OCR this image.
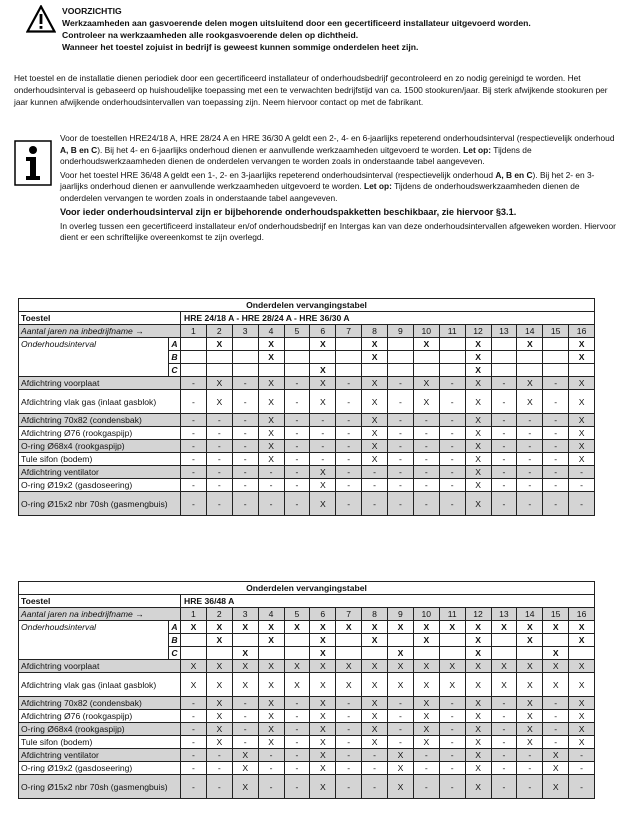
VOORZICHTIG
Werkzaamheden aan gasvoerende delen mogen uitsluitend door een gecertificeerd installateur uitgevoerd worden.
Controleer na werkzaamheden alle rookgasvoerende delen op dichtheid.
Wanneer het toestel zojuist in bedrijf is geweest kunnen sommige onderdelen heet zijn.
Het toestel en de installatie dienen periodiek door een gecertificeerd installateur of onderhoudsbedrijf gecontroleerd en zo nodig gereinigd te worden. Het onderhoudsinterval is gebaseerd op huishoudelijke toepassing met een te verwachten bedrijfstijd van ca. 1500 stookuren/jaar. Bij sterk afwijkende stookuren per jaar kunnen afwijkende onderhoudsintervallen van toepassing zijn. Neem hiervoor contact op met de fabrikant.

Voor de toestellen HRE24/18 A, HRE 28/24 A en HRE 36/30 A geldt een 2-, 4- en 6-jaarlijks repeterend onderhoudsinterval (respectievelijk onderhoud A, B en C). Bij het 4- en 6-jaarlijks onderhoud dienen er aanvullende werkzaamheden uitgevoerd te worden. Let op: Tijdens de onderhoudswerkzaamheden dienen de onderdelen vervangen te worden zoals in onderstaande tabel aangeveven.

Voor het toestel HRE 36/48 A geldt een 1-, 2- en 3-jaarlijks repeterend onderhoudsinterval (respectievelijk onderhoud A, B en C). Bij het 2- en 3-jaarlijks onderhoud dienen er aanvullende werkzaamheden uitgevoerd te worden. Let op: Tijdens de onderhoudswerkzaamheden dienen de onderdelen vervangen te worden zoals in onderstaande tabel aangeveven.

Voor ieder onderhoudsinterval zijn er bijbehorende onderhoudspakketten beschikbaar, zie hiervoor §3.1.

In overleg tussen een gecertificeerd installateur en/of onderhoudsbedrijf en Intergas kan van deze onderhoudsintervallen afgeweken worden. Hiervoor dient er een schriftelijke overeenkomst te zijn overlegd.

Onderdelen vervangingstabel																	
Toestel		HRE 24/18 A - HRE 28/24 A - HRE 36/30 A															
Aantal jaren na inbedrijfname →		1	2	3	4	5	6	7	8	9	10	11	12	13	14	15	16
Onderhoudsinterval	A		X		X		X		X		X		X		X		X
	B				X				X				X				X
	C						X						X				
Afdichtring voorplaat		-	X	-	X	-	X	-	X	-	X	-	X	-	X	-	X
Afdichtring vlak gas (inlaat gasblok)		-	X	-	X	-	X	-	X	-	X	-	X	-	X	-	X
Afdichtring 70x82 (condensbak)		-	-	-	X	-	-	-	X	-	-	-	X	-	-	-	X
Afdichtring Ø76 (rookgaspijp)		-	-	-	X	-	-	-	X	-	-	-	X	-	-	-	X
O-ring Ø68x4 (rookgaspijp)		-	-	-	X	-	-	-	X	-	-	-	X	-	-	-	X
Tule sifon (bodem)		-	-	-	X	-	-	-	X	-	-	-	X	-	-	-	X
Afdichtring ventilator		-	-	-	-	-	X	-	-	-	-	-	X	-	-	-	-
O-ring Ø19x2 (gasdoseering)		-	-	-	-	-	X	-	-	-	-	-	X	-	-	-	-
O-ring Ø15x2 nbr 70sh (gasmengbuis)		-	-	-	-	-	X	-	-	-	-	-	X	-	-	-	-
Onderdelen vervangingstabel																	
Toestel		HRE 36/48 A															
Aantal jaren na inbedrijfname →		1	2	3	4	5	6	7	8	9	10	11	12	13	14	15	16
Onderhoudsinterval	A	X	X	X	X	X	X	X	X	X	X	X	X	X	X	X	X
	B		X		X		X		X		X		X		X		X
	C			X			X			X			X			X	
Afdichtring voorplaat		X	X	X	X	X	X	X	X	X	X	X	X	X	X	X	X
Afdichtring vlak gas (inlaat gasblok)		X	X	X	X	X	X	X	X	X	X	X	X	X	X	X	X
Afdichtring 70x82 (condensbak)		-	X	-	X	-	X	-	X	-	X	-	X	-	X	-	X
Afdichtring Ø76 (rookgaspijp)		-	X	-	X	-	X	-	X	-	X	-	X	-	X	-	X
O-ring Ø68x4 (rookgaspijp)		-	X	-	X	-	X	-	X	-	X	-	X	-	X	-	X
Tule sifon (bodem)		-	X	-	X	-	X	-	X	-	X	-	X	-	X	-	X
Afdichtring ventilator		-	-	X	-	-	X	-	-	X	-	-	X	-	-	X	-
O-ring Ø19x2 (gasdoseering)		-	-	X	-	-	X	-	-	X	-	-	X	-	-	X	-
O-ring Ø15x2 nbr 70sh (gasmengbuis)		-	-	X	-	-	X	-	-	X	-	-	X	-	-	X	-
